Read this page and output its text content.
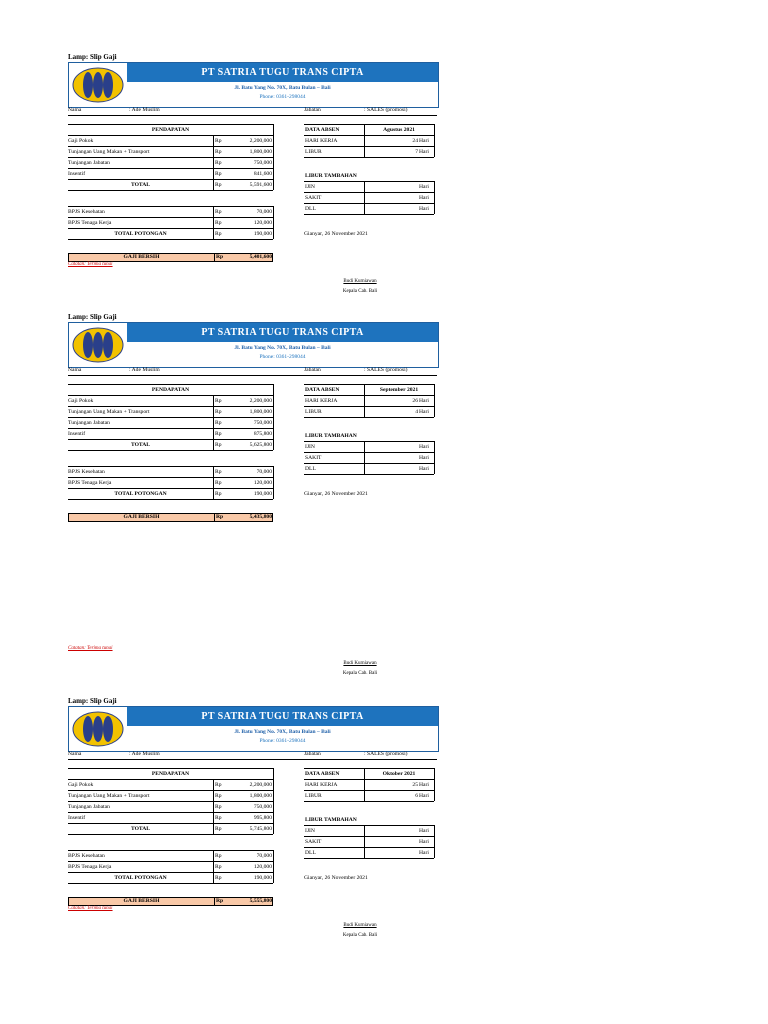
Lamp: Slip Gaji
PT SATRIA TUGU TRANS CIPTA
Jl. Batu Yang No. 70X, Batu Bulan – Bali
Phone: 0361-298044
Nama	: Ade Muslim	Jabatan	: SALES (promosi)
PENDAPATAN
Gaji Pokok	Rp	2,200,000
Tunjangan Uang Makan + Transport	Rp	1,800,000
Tunjangan Jabatan	Rp	750,000
Insentif	Rp	841,600
TOTAL	Rp	5,591,600
BPJS Kesehatan	Rp	70,000
BPJS Tenaga Kerja	Rp	120,000
TOTAL POTONGAN	Rp	190,000
GAJI BERSIH	Rp	5,401,600
Catatan: Terima tunai
DATA ABSEN	Agustus 2021
HARI KERJA	24 Hari
LIBUR	7 Hari
LIBUR TAMBAHAN
IJIN	Hari
SAKIT	Hari
DLL	Hari
Gianyar, 26 November 2021
Budi Kurniawan
Kepala Cab. Bali
Lamp: Slip Gaji
PT SATRIA TUGU TRANS CIPTA
Jl. Batu Yang No. 70X, Batu Bulan – Bali
Phone: 0361-298044
Nama	: Ade Muslim	Jabatan	: SALES (promosi)
PENDAPATAN
Gaji Pokok	Rp	2,200,000
Tunjangan Uang Makan + Transport	Rp	1,800,000
Tunjangan Jabatan	Rp	750,000
Insentif	Rp	875,800
TOTAL	Rp	5,625,800
BPJS Kesehatan	Rp	70,000
BPJS Tenaga Kerja	Rp	120,000
TOTAL POTONGAN	Rp	190,000
GAJI BERSIH	Rp	5,435,800
Catatan: Terima tunai
DATA ABSEN	September 2021
HARI KERJA	26 Hari
LIBUR	4 Hari
LIBUR TAMBAHAN
IJIN	Hari
SAKIT	Hari
DLL	Hari
Gianyar, 26 November 2021
Budi Kurniawan
Kepala Cab. Bali
Lamp: Slip Gaji
PT SATRIA TUGU TRANS CIPTA
Jl. Batu Yang No. 70X, Batu Bulan – Bali
Phone: 0361-298044
Nama	: Ade Muslim	Jabatan	: SALES (promosi)
PENDAPATAN
Gaji Pokok	Rp	2,200,000
Tunjangan Uang Makan + Transport	Rp	1,800,000
Tunjangan Jabatan	Rp	750,000
Insentif	Rp	995,800
TOTAL	Rp	5,745,800
BPJS Kesehatan	Rp	70,000
BPJS Tenaga Kerja	Rp	120,000
TOTAL POTONGAN	Rp	190,000
GAJI BERSIH	Rp	5,555,800
Catatan: Terima tunai
DATA ABSEN	Oktober 2021
HARI KERJA	25 Hari
LIBUR	6 Hari
LIBUR TAMBAHAN
IJIN	Hari
SAKIT	Hari
DLL	Hari
Gianyar, 26 November 2021
Budi Kurniawan
Kepala Cab. Bali
